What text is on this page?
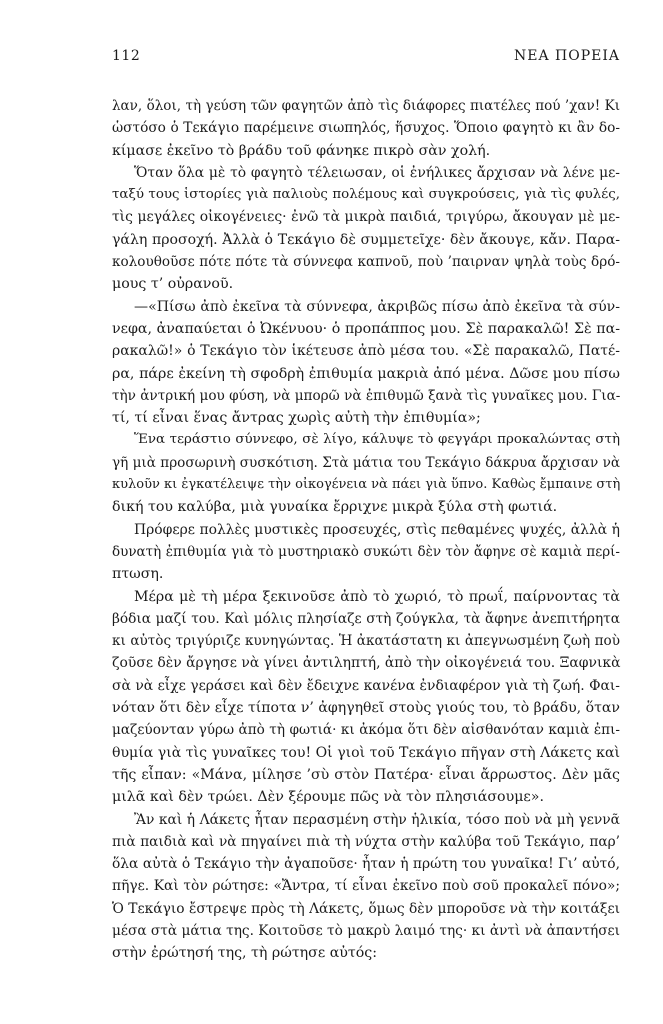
112	ΝΕΑ ΠΟΡΕΙΑ
λαν, ὅλοι, τὴ γεύση τῶν φαγητῶν ἀπὸ τὶς διάφορες πιατέλες πού ’χαν! Κι
ὡστόσο ὁ Τεκάγιο παρέμεινε σιωπηλός, ἥσυχος. Ὅποιο φαγητὸ κι ἂν δο-
κίμασε ἐκεῖνο τὸ βράδυ τοῦ φάνηκε πικρὸ σὰν χολή.
Ὅταν ὅλα μὲ τὸ φαγητὸ τέλειωσαν, οἱ ἐνήλικες ἄρχισαν νὰ λένε με-
ταξύ τους ἱστορίες γιὰ παλιοὺς πολέμους καὶ συγκρούσεις, γιὰ τὶς φυλές,
τὶς μεγάλες οἰκογένειες· ἐνῶ τὰ μικρὰ παιδιά, τριγύρω, ἄκουγαν μὲ με-
γάλη προσοχή. Ἀλλὰ ὁ Τεκάγιο δὲ συμμετεῖχε· δὲν ἄκουγε, κἄν. Παρα-
κολουθοῦσε πότε πότε τὰ σύννεφα καπνοῦ, ποὺ ’παιρναν ψηλὰ τοὺς δρό-
μους τ’ οὐρανοῦ.
—«Πίσω ἀπὸ ἐκεῖνα τὰ σύννεφα, ἀκριβῶς πίσω ἀπὸ ἐκεῖνα τὰ σύν-
νεφα, ἀναπαύεται ὁ Ὠκένυου· ὁ προπάππος μου. Σὲ παρακαλῶ! Σὲ πα-
ρακαλῶ!» ὁ Τεκάγιο τὸν ἱκέτευσε ἀπὸ μέσα του. «Σὲ παρακαλῶ, Πατέ-
ρα, πάρε ἐκείνη τὴ σφοδρὴ ἐπιθυμία μακριὰ ἀπό μένα. Δῶσε μου πίσω
τὴν ἀντρική μου φύση, νὰ μπορῶ νὰ ἐπιθυμῶ ξανὰ τὶς γυναῖκες μου. Για-
τί, τί εἶναι ἕνας ἄντρας χωρὶς αὐτὴ τὴν ἐπιθυμία»;
Ἕνα τεράστιο σύννεφο, σὲ λίγο, κάλυψε τὸ φεγγάρι προκαλώντας στὴ
γῆ μιὰ προσωρινὴ συσκότιση. Στὰ μάτια του Τεκάγιο δάκρυα ἄρχισαν νὰ
κυλοῦν κι ἐγκατέλειψε τὴν οἰκογένεια νὰ πάει γιὰ ὕπνο. Καθὼς ἔμπαινε στὴ
δική του καλύβα, μιὰ γυναίκα ἔρριχνε μικρὰ ξύλα στὴ φωτιά.
Πρόφερε πολλὲς μυστικὲς προσευχές, στὶς πεθαμένες ψυχές, ἀλλὰ ἡ
δυνατὴ ἐπιθυμία γιὰ τὸ μυστηριακὸ συκώτι δὲν τὸν ἄφηνε σὲ καμιὰ περί-
πτωση.
Μέρα μὲ τὴ μέρα ξεκινοῦσε ἀπὸ τὸ χωριό, τὸ πρωΐ, παίρνοντας τὰ
βόδια μαζί του. Καὶ μόλις πλησίαζε στὴ ζούγκλα, τὰ ἄφηνε ἀνεπιτήρητα
κι αὐτὸς τριγύριζε κυνηγώντας. Ἡ ἀκατάστατη κι ἀπεγνωσμένη ζωὴ ποὺ
ζοῦσε δὲν ἄργησε νὰ γίνει ἀντιληπτή, ἀπὸ τὴν οἰκογένειά του. Ξαφνικὰ
σὰ νὰ εἶχε γεράσει καὶ δὲν ἔδειχνε κανένα ἐνδιαφέρον γιὰ τὴ ζωή. Φαι-
νόταν ὅτι δὲν εἶχε τίποτα ν’ ἀφηγηθεῖ στοὺς γιούς του, τὸ βράδυ, ὅταν
μαζεύονταν γύρω ἀπὸ τὴ φωτιά· κι ἀκόμα ὅτι δὲν αἰσθανόταν καμιὰ ἐπι-
θυμία γιὰ τὶς γυναῖκες του! Οἱ γιοὶ τοῦ Τεκάγιο πῆγαν στὴ Λάκετς καὶ
τῆς εἶπαν: «Μάνα, μίλησε ’σὺ στὸν Πατέρα· εἶναι ἄρρωστος. Δὲν μᾶς
μιλᾶ καὶ δὲν τρώει. Δὲν ξέρουμε πῶς νὰ τὸν πλησιάσουμε».
Ἂν καὶ ἡ Λάκετς ἦταν περασμένη στὴν ἡλικία, τόσο ποὺ νὰ μὴ γεννᾶ
πιὰ παιδιὰ καὶ νὰ πηγαίνει πιὰ τὴ νύχτα στὴν καλύβα τοῦ Τεκάγιο, παρ’
ὅλα αὐτὰ ὁ Τεκάγιο τὴν ἀγαποῦσε· ἦταν ἡ πρώτη του γυναῖκα! Γι’ αὐτό,
πῆγε. Καὶ τὸν ρώτησε: «Ἄντρα, τί εἶναι ἐκεῖνο ποὺ σοῦ προκαλεῖ πόνο»;
Ὁ Τεκάγιο ἔστρεψε πρὸς τὴ Λάκετς, ὅμως δὲν μποροῦσε νὰ τὴν κοιτάξει
μέσα στὰ μάτια της. Κοιτοῦσε τὸ μακρὺ λαιμό της· κι ἀντὶ νὰ ἀπαντήσει
στὴν ἐρώτησή της, τὴ ρώτησε αὐτός:
